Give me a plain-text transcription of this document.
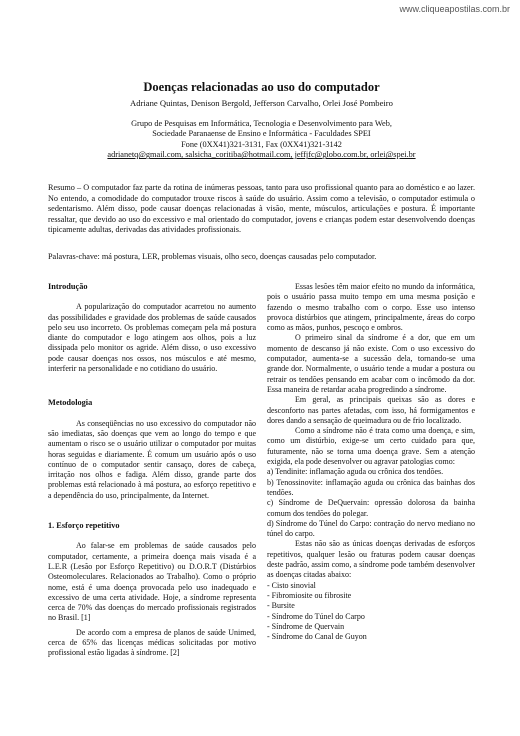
www.cliqueapostilas.com.br
Doenças relacionadas ao uso do computador
Adriane Quintas, Denison Bergold, Jefferson Carvalho, Orlei José Pombeiro
Grupo de Pesquisas em Informática, Tecnologia e Desenvolvimento para Web,
Sociedade Paranaense de Ensino e Informática - Faculdades SPEI
Fone (0XX41)321-3131, Fax (0XX41)321-3142
adrianetq@gmail.com, salsicha_coritiba@hotmail.com, jeffjfc@globo.com.br, orlei@spei.br
Resumo – O computador faz parte da rotina de inúmeras pessoas, tanto para uso profissional quanto para ao doméstico e ao lazer. No entendo, a comodidade do computador trouxe riscos à saúde do usuário. Assim como a televisão, o computador estimula o sedentarismo. Além disso, pode causar doenças relacionadas à visão, mente, músculos, articulações e postura. É importante ressaltar, que devido ao uso do excessivo e mal orientado do computador, jovens e crianças podem estar desenvolvendo doenças tipicamente adultas, derivadas das atividades profissionais.
Palavras-chave: má postura, LER, problemas visuais, olho seco, doenças causadas pelo computador.
Introdução

A popularização do computador acarretou no aumento das possibilidades e gravidade dos problemas de saúde causados pelo seu uso incorreto. Os problemas começam pela má postura diante do computador e logo atingem aos olhos, pois a luz dissipada pelo monitor os agride. Além disso, o uso excessivo pode causar doenças nos ossos, nos músculos e até mesmo, interferir na personalidade e no cotidiano do usuário.

Metodologia

As conseqüências no uso excessivo do computador não são imediatas, são doenças que vem ao longo do tempo e que aumentam o risco se o usuário utilizar o computador por muitas horas seguidas e diariamente. É comum um usuário após o uso contínuo de o computador sentir cansaço, dores de cabeça, irritação nos olhos e fadiga. Além disso, grande parte dos problemas está relacionado à má postura, ao esforço repetitivo e a dependência do uso, principalmente, da Internet.

1. Esforço repetitivo

Ao falar-se em problemas de saúde causados pelo computador, certamente, a primeira doença mais visada é a L.E.R (Lesão por Esforço Repetitivo) ou D.O.R.T (Distúrbios Osteomoleculares. Relacionados ao Trabalho). Como o próprio nome, está é uma doença provocada pelo uso inadequado e excessivo de uma certa atividade. Hoje, a síndrome representa cerca de 70% das doenças do mercado profissionais registrados no Brasil. [1]

De acordo com a empresa de planos de saúde Unimed, cerca de 65% das licenças médicas solicitadas por motivo profissional estão ligadas à síndrome. [2]

Essas lesões têm maior efeito no mundo da informática, pois o usuário passa muito tempo em uma mesma posição e fazendo o mesmo trabalho com o corpo. Esse uso intenso provoca distúrbios que atingem, principalmente, áreas do corpo como as mãos, punhos, pescoço e ombros.

O primeiro sinal da síndrome é a dor, que em um momento de descanso já não existe. Com o uso excessivo do computador, aumenta-se a sucessão dela, tornando-se uma grande dor. Normalmente, o usuário tende a mudar a postura ou retrair os tendões pensando em acabar com o incômodo da dor. Essa maneira de retardar acaba progredindo a síndrome.

Em geral, as principais queixas são as dores e desconforto nas partes afetadas, com isso, há formigamentos e dores dando a sensação de queimadura ou de frio localizado.

Como a síndrome não é trata como uma doença, e sim, como um distúrbio, exige-se um certo cuidado para que, futuramente, não se torna uma doença grave. Sem a atenção exigida, ela pode desenvolver ou agravar patologias como:

a) Tendinite: inflamação aguda ou crônica dos tendões.
b) Tenossinovite: inflamação aguda ou crônica das bainhas dos tendões.
c) Síndrome de DeQuervain: opressão dolorosa da bainha comum dos tendões do polegar.
d) Síndrome do Túnel do Carpo: contração do nervo mediano no túnel do carpo.

Estas não são as únicas doenças derivadas de esforços repetitivos, qualquer lesão ou fraturas podem causar doenças deste padrão, assim como, a síndrome pode também desenvolver as doenças citadas abaixo:

- Cisto sinovial
- Fibromiosite ou fibrosite
- Bursite
- Síndrome do Túnel do Carpo
- Síndrome de Quervain
- Síndrome do Canal de Guyon
